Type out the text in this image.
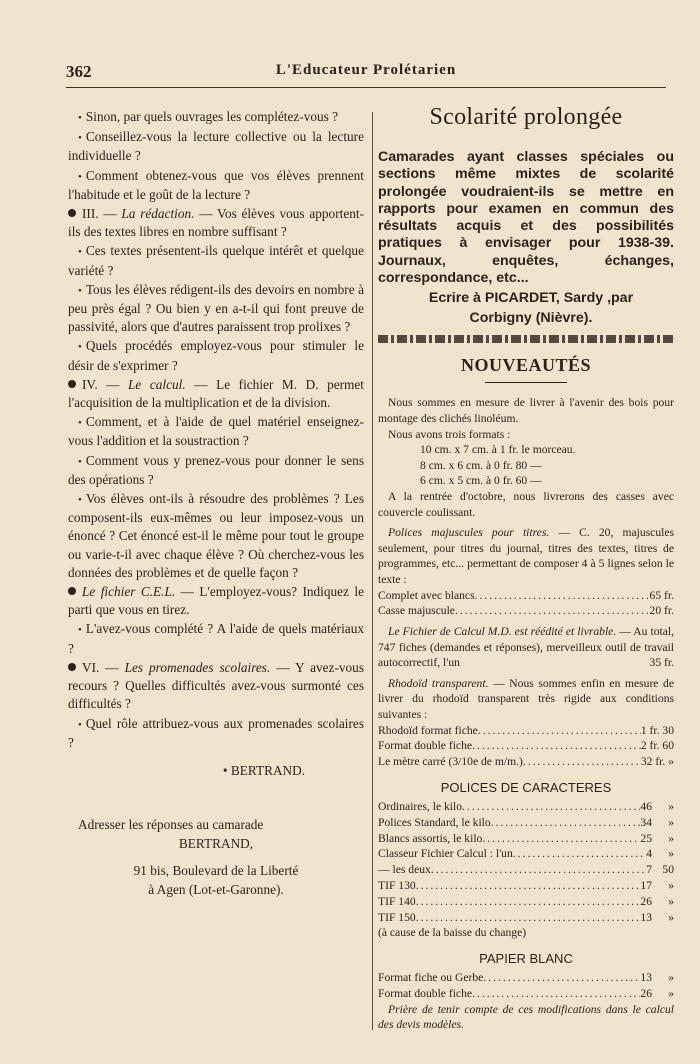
362	L'Educateur Prolétarien

• Sinon, par quels ouvrages les complétez-vous ?

• Conseillez-vous la lecture collective ou la lecture individuelle ?

• Comment obtenez-vous que vos élèves prennent l'habitude et le goût de la lecture ?

III. — La rédaction. — Vos élèves vous apportent-ils des textes libres en nombre suffisant ?

• Ces textes présentent-ils quelque intérêt et quelque variété ?

• Tous les élèves rédigent-ils des devoirs en nombre à peu près égal ? Ou bien y en a-t-il qui font preuve de passivité, alors que d'autres paraissent trop prolixes ?

• Quels procédés employez-vous pour stimuler le désir de s'exprimer ?

IV. — Le calcul. — Le fichier M. D. permet l'acquisition de la multiplication et de la division.

• Comment, et à l'aide de quel matériel enseignez-vous l'addition et la soustraction ?

• Comment vous y prenez-vous pour donner le sens des opérations ?

• Vos élèves ont-ils à résoudre des problèmes ? Les composent-ils eux-mêmes ou leur imposez-vous un énoncé ? Cet énoncé est-il le même pour tout le groupe ou varie-t-il avec chaque élève ? Où cherchez-vous les données des problèmes et de quelle façon ?

Le fichier C.E.L. — L'employez-vous? Indiquez le parti que vous en tirez.

• L'avez-vous complété ? A l'aide de quels matériaux ?

VI. — Les promenades scolaires. — Y avez-vous recours ? Quelles difficultés avez-vous surmonté ces difficultés ?

• Quel rôle attribuez-vous aux promenades scolaires ?

• BERTRAND.

Adresser les réponses au camarade

BERTRAND,

91 bis, Boulevard de la Liberté

à Agen (Lot-et-Garonne).

Scolarité prolongée

Camarades ayant classes spéciales ou sections même mixtes de scolarité prolongée voudraient-ils se mettre en rapports pour examen en commun des résultats acquis et des possibilités pratiques à envisager pour 1938-39. Journaux, enquêtes, échanges, correspondance, etc...

Ecrire à PICARDET, Sardy ,par

Corbigny (Nièvre).

NOUVEAUTÉS

Nous sommes en mesure de livrer à l'avenir des bois pour montage des clichés linoléum.

Nous avons trois formats :

10 cm. x 7 cm. à 1 fr. le morceau.
8 cm. x 6 cm. à 0 fr. 80 —
6 cm. x 5 cm. à 0 fr. 60 —

A la rentrée d'octobre, nous livrerons des casses avec couvercle coulissant.

Polices majuscules pour titres. — C. 20, majuscules seulement, pour titres du journal, titres des textes, titres de programmes, etc... permettant de composer 4 à 5 lignes selon le texte :

Complet avec blancs .....	65 fr.
Casse majuscule .....	20 fr.

Le Fichier de Calcul M.D. est réédité et livrable. — Au total, 747 fiches (demandes et réponses), merveilleux outil de travail autocorrectif, l'un	35 fr.

Rhodoïd transparent. — Nous sommes enfin en mesure de livrer du rhodoïd transparent très rigide aux conditions suivantes :

Rhodoïd format fiche .....	1 fr. 30
Format double fiche .....	2 fr. 60
Le mètre carré (3/10e de m/m.) .....	32 fr. »
POLICES DE CARACTERES
Ordinaires, le kilo .....	46	»
Polices Standard, le kilo .....	34	»
Blancs assortis, le kilo .....	25	»
Classeur Fichier Calcul : l'un .....	4	»
— les deux .....	7 50
TIF 130 .....	17	»
TIF 140 .....	26	»
TIF 150 .....	13	»

(à cause de la baisse du change)

PAPIER BLANC
Format fiche ou Gerbe .....	13	»
Format double fiche .....	26	»

Prière de tenir compte de ces modifications dans le calcul des devis modèles.
